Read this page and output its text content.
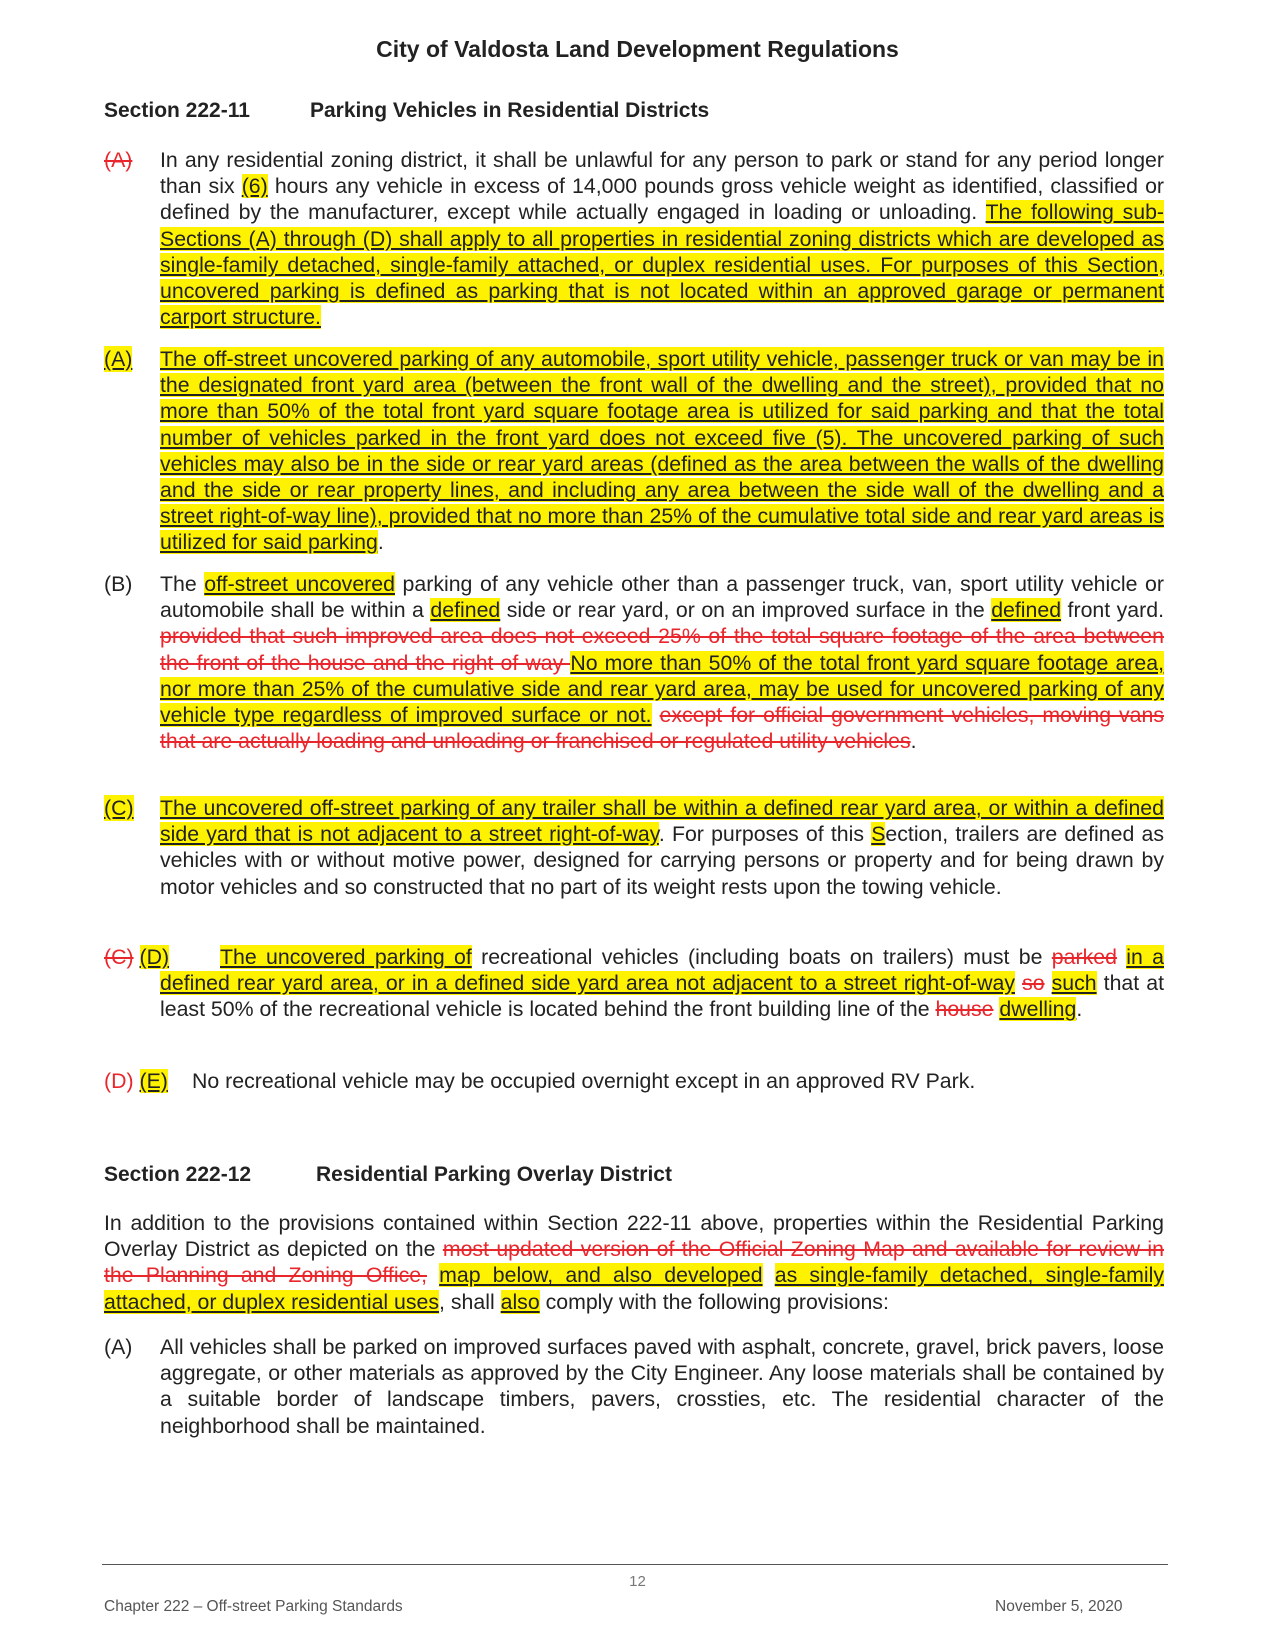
City of Valdosta Land Development Regulations
Section 222-11	Parking Vehicles in Residential Districts
(A) In any residential zoning district, it shall be unlawful for any person to park or stand for any period longer than six (6) hours any vehicle in excess of 14,000 pounds gross vehicle weight as identified, classified or defined by the manufacturer, except while actually engaged in loading or unloading. The following sub-Sections (A) through (D) shall apply to all properties in residential zoning districts which are developed as single-family detached, single-family attached, or duplex residential uses. For purposes of this Section, uncovered parking is defined as parking that is not located within an approved garage or permanent carport structure.
(A) The off-street uncovered parking of any automobile, sport utility vehicle, passenger truck or van may be in the designated front yard area (between the front wall of the dwelling and the street), provided that no more than 50% of the total front yard square footage area is utilized for said parking and that the total number of vehicles parked in the front yard does not exceed five (5). The uncovered parking of such vehicles may also be in the side or rear yard areas (defined as the area between the walls of the dwelling and the side or rear property lines, and including any area between the side wall of the dwelling and a street right-of-way line), provided that no more than 25% of the cumulative total side and rear yard areas is utilized for said parking.
(B) The off-street uncovered parking of any vehicle other than a passenger truck, van, sport utility vehicle or automobile shall be within a defined side or rear yard, or on an improved surface in the defined front yard. provided that such improved area does not exceed 25% of the total square footage of the area between the front of the house and the right-of-way No more than 50% of the total front yard square footage area, nor more than 25% of the cumulative side and rear yard area, may be used for uncovered parking of any vehicle type regardless of improved surface or not. except for official government vehicles, moving vans that are actually loading and unloading or franchised or regulated utility vehicles.
(C) The uncovered off-street parking of any trailer shall be within a defined rear yard area, or within a defined side yard that is not adjacent to a street right-of-way. For purposes of this Section, trailers are defined as vehicles with or without motive power, designed for carrying persons or property and for being drawn by motor vehicles and so constructed that no part of its weight rests upon the towing vehicle.
(C) (D)	The uncovered parking of recreational vehicles (including boats on trailers) must be parked in a defined rear yard area, or in a defined side yard area not adjacent to a street right-of-way so such that at least 50% of the recreational vehicle is located behind the front building line of the house dwelling.
(D) (E) No recreational vehicle may be occupied overnight except in an approved RV Park.
Section 222-12	Residential Parking Overlay District
In addition to the provisions contained within Section 222-11 above, properties within the Residential Parking Overlay District as depicted on the most updated version of the Official Zoning Map and available for review in the Planning and Zoning Office, map below, and also developed as single-family detached, single-family attached, or duplex residential uses, shall also comply with the following provisions:
(A) All vehicles shall be parked on improved surfaces paved with asphalt, concrete, gravel, brick pavers, loose aggregate, or other materials as approved by the City Engineer. Any loose materials shall be contained by a suitable border of landscape timbers, pavers, crossties, etc. The residential character of the neighborhood shall be maintained.
12
Chapter 222 – Off-street Parking Standards	November 5, 2020
